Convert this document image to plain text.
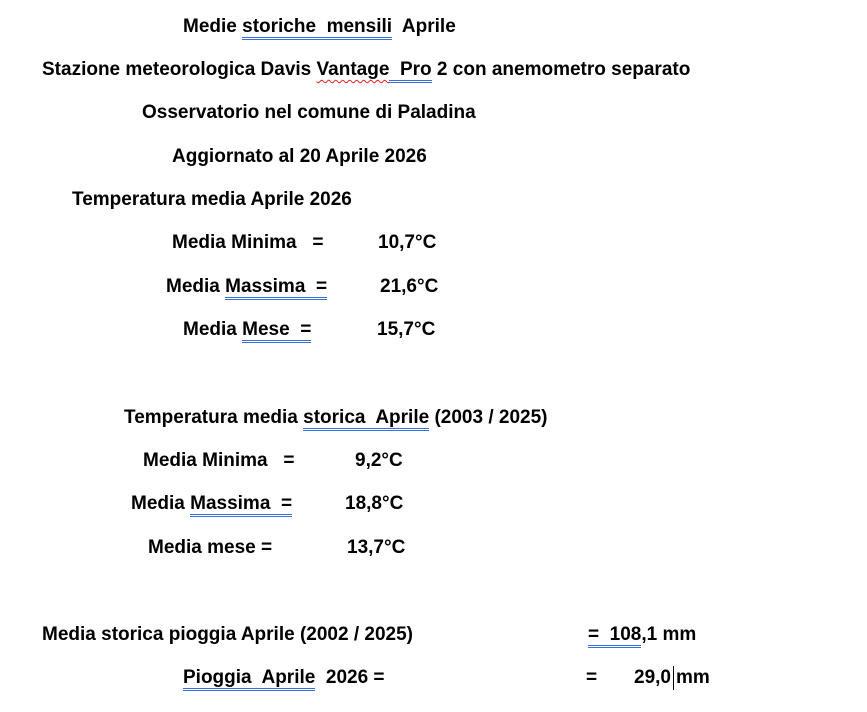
Medie storiche  mensili  Aprile
Stazione meteorologica Davis Vantage  Pro 2 con anemometro separato
Osservatorio nel comune di Paladina
Aggiornato al 20 Aprile 2026
Temperatura media Aprile 2026
Media Minima   =	10,7°C
Media Massima  =	21,6°C
Media Mese  =	15,7°C
Temperatura media storica  Aprile (2003 / 2025)
Media Minima   =	9,2°C
Media Massima  =	18,8°C
Media mese =	13,7°C
Media storica pioggia Aprile (2002 / 2025)	=  108,1 mm
Pioggia  Aprile  2026 =	= 29,0 mm
